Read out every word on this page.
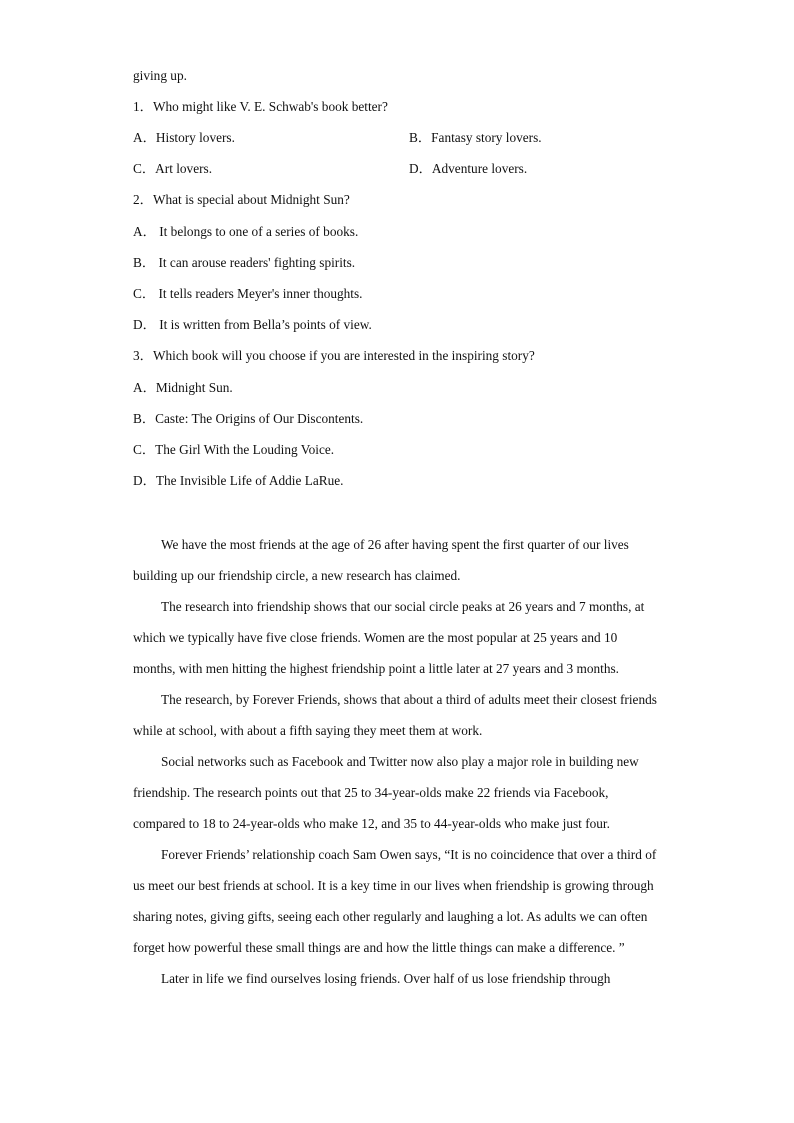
giving up.
1．Who might like V. E. Schwab's book better?
A．History lovers.	B．Fantasy story lovers.
C．Art lovers.	D．Adventure lovers.
2．What is special about Midnight Sun?
A． It belongs to one of a series of books.
B． It can arouse readers' fighting spirits.
C． It tells readers Meyer's inner thoughts.
D． It is written from Bella’s points of view.
3．Which book will you choose if you are interested in the inspiring story?
A．Midnight Sun.
B．Caste: The Origins of Our Discontents.
C．The Girl With the Louding Voice.
D．The Invisible Life of Addie LaRue.

We have the most friends at the age of 26 after having spent the first quarter of our lives building up our friendship circle, a new research has claimed.

The research into friendship shows that our social circle peaks at 26 years and 7 months, at which we typically have five close friends. Women are the most popular at 25 years and 10 months, with men hitting the highest friendship point a little later at 27 years and 3 months.

The research, by Forever Friends, shows that about a third of adults meet their closest friends while at school, with about a fifth saying they meet them at work.

Social networks such as Facebook and Twitter now also play a major role in building new friendship. The research points out that 25 to 34-year-olds make 22 friends via Facebook, compared to 18 to 24-year-olds who make 12, and 35 to 44-year-olds who make just four.

Forever Friends’ relationship coach Sam Owen says, “It is no coincidence that over a third of us meet our best friends at school. It is a key time in our lives when friendship is growing through sharing notes, giving gifts, seeing each other regularly and laughing a lot. As adults we can often forget how powerful these small things are and how the little things can make a difference. ”

Later in life we find ourselves losing friends. Over half of us lose friendship through
